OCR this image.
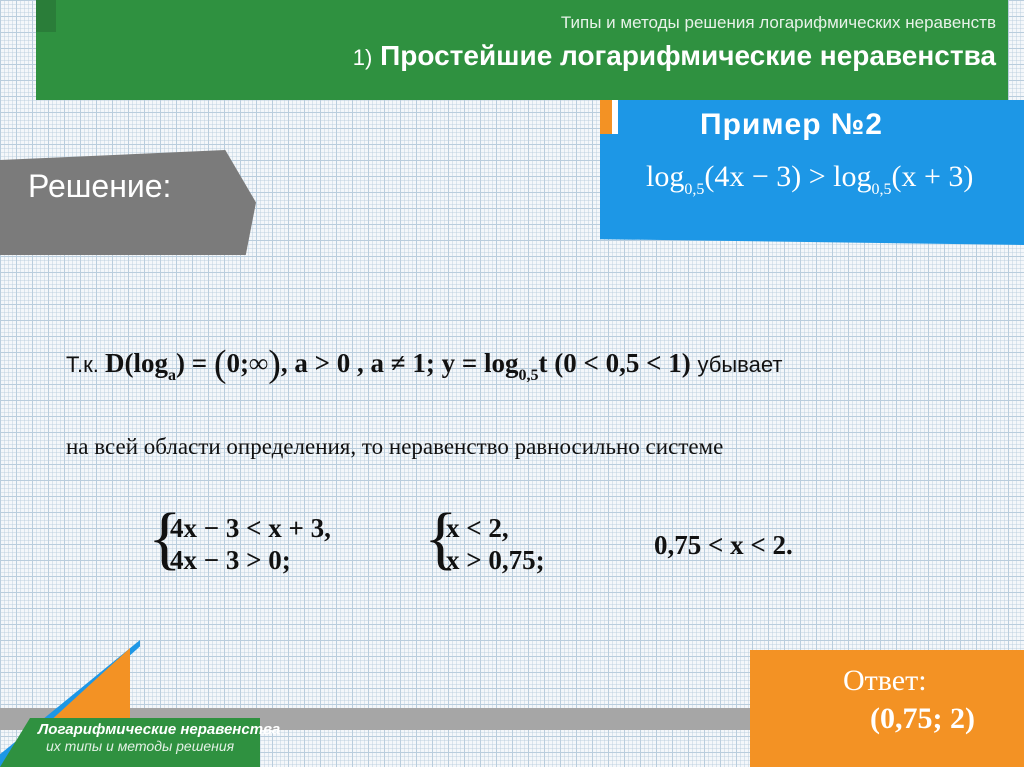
Типы и методы решения логарифмических неравенств
1) Простейшие логарифмические неравенства
Пример №2
$\log_{0,5}(4x - 3) > \log_{0,5}(x + 3)$
Решение:
Т.к. $D(\log_a)$ = (0;∞), a > 0 , a ≠ 1; $y = \log_{0,5}t$ (0 < 0,5 < 1) убывает
на всей области определения, то неравенство равносильно системе
{
4x − 3 < x + 3,
4x − 3 > 0; {
x < 2,
x > 0,75;	0,75 < x < 2.
Логарифмические неравенства
их типы и методы решения
Ответ:
(0,75; 2)
